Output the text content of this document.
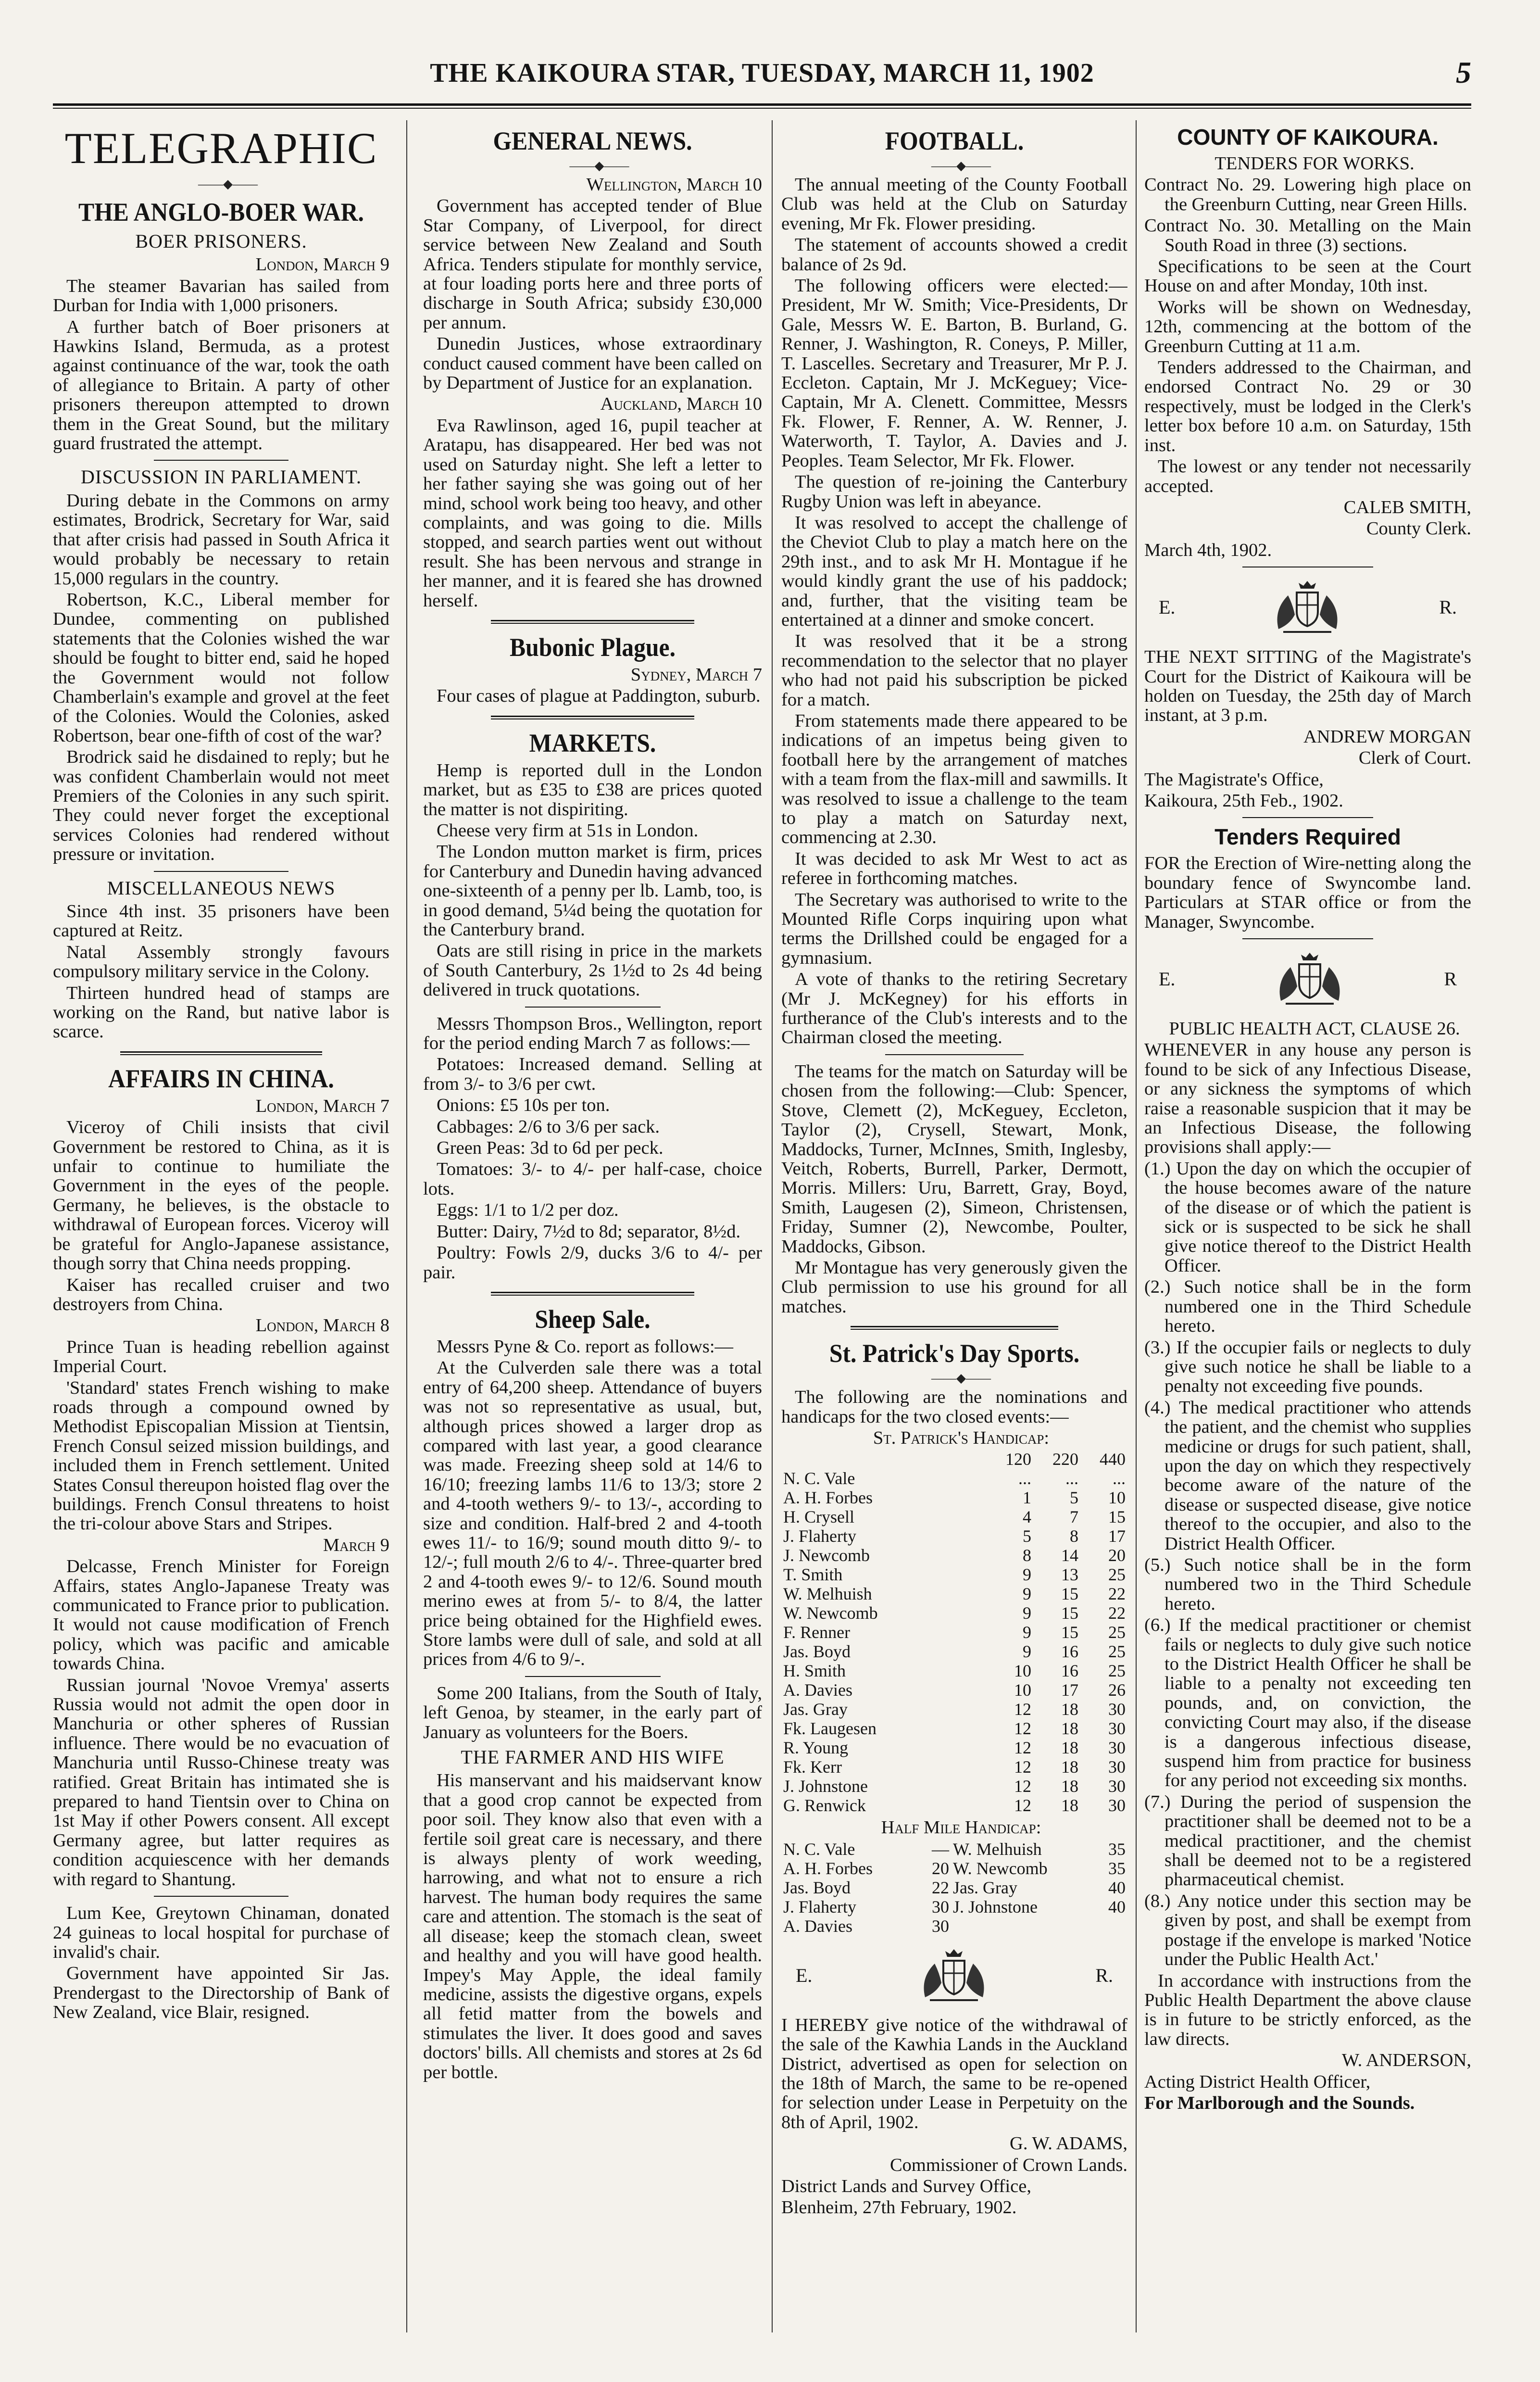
THE KAIKOURA STAR, TUESDAY, MARCH 11, 1902	5
TELEGRAPHIC

——◆——

THE ANGLO-BOER WAR.
BOER PRISONERS.

London, March 9

The steamer Bavarian has sailed from Durban for India with 1,000 prisoners.

A further batch of Boer prisoners at Hawkins Island, Bermuda, as a protest against continuance of the war, took the oath of allegiance to Britain. A party of other prisoners thereupon attempted to drown them in the Great Sound, but the military guard frustrated the attempt.

DISCUSSION IN PARLIAMENT.

During debate in the Commons on army estimates, Brodrick, Secretary for War, said that after crisis had passed in South Africa it would probably be necessary to retain 15,000 regulars in the country.

Robertson, K.C., Liberal member for Dundee, commenting on published statements that the Colonies wished the war should be fought to bitter end, said he hoped the Government would not follow Chamberlain's example and grovel at the feet of the Colonies. Would the Colonies, asked Robertson, bear one-fifth of cost of the war?

Brodrick said he disdained to reply; but he was confident Chamberlain would not meet Premiers of the Colonies in any such spirit. They could never forget the exceptional services Colonies had rendered without pressure or invitation.

MISCELLANEOUS NEWS

Since 4th inst. 35 prisoners have been captured at Reitz.

Natal Assembly strongly favours compulsory military service in the Colony.

Thirteen hundred head of stamps are working on the Rand, but native labor is scarce.

AFFAIRS IN CHINA.

London, March 7

Viceroy of Chili insists that civil Government be restored to China, as it is unfair to continue to humiliate the Government in the eyes of the people. Germany, he believes, is the obstacle to withdrawal of European forces. Viceroy will be grateful for Anglo-Japanese assistance, though sorry that China needs propping.

Kaiser has recalled cruiser and two destroyers from China.

London, March 8

Prince Tuan is heading rebellion against Imperial Court.

'Standard' states French wishing to make roads through a compound owned by Methodist Episcopalian Mission at Tientsin, French Consul seized mission buildings, and included them in French settlement. United States Consul thereupon hoisted flag over the buildings. French Consul threatens to hoist the tri-colour above Stars and Stripes.

March 9

Delcasse, French Minister for Foreign Affairs, states Anglo-Japanese Treaty was communicated to France prior to publication. It would not cause modification of French policy, which was pacific and amicable towards China.

Russian journal 'Novoe Vremya' asserts Russia would not admit the open door in Manchuria or other spheres of Russian influence. There would be no evacuation of Manchuria until Russo-Chinese treaty was ratified. Great Britain has intimated she is prepared to hand Tientsin over to China on 1st May if other Powers consent. All except Germany agree, but latter requires as condition acquiescence with her demands with regard to Shantung.

Lum Kee, Greytown Chinaman, donated 24 guineas to local hospital for purchase of invalid's chair.

Government have appointed Sir Jas. Prendergast to the Directorship of Bank of New Zealand, vice Blair, resigned.

GENERAL NEWS.

——◆——

Wellington, March 10

Government has accepted tender of Blue Star Company, of Liverpool, for direct service between New Zealand and South Africa. Tenders stipulate for monthly service, at four loading ports here and three ports of discharge in South Africa; subsidy £30,000 per annum.

Dunedin Justices, whose extraordinary conduct caused comment have been called on by Department of Justice for an explanation.

Auckland, March 10

Eva Rawlinson, aged 16, pupil teacher at Aratapu, has disappeared. Her bed was not used on Saturday night. She left a letter to her father saying she was going out of her mind, school work being too heavy, and other complaints, and was going to die. Mills stopped, and search parties went out without result. She has been nervous and strange in her manner, and it is feared she has drowned herself.

Bubonic Plague.

Sydney, March 7

Four cases of plague at Paddington, suburb.

MARKETS.

Hemp is reported dull in the London market, but as £35 to £38 are prices quoted the matter is not dispiriting.

Cheese very firm at 51s in London.

The London mutton market is firm, prices for Canterbury and Dunedin having advanced one-sixteenth of a penny per lb. Lamb, too, is in good demand, 5¼d being the quotation for the Canterbury brand.

Oats are still rising in price in the markets of South Canterbury, 2s 1½d to 2s 4d being delivered in truck quotations.

Messrs Thompson Bros., Wellington, report for the period ending March 7 as follows:—

Potatoes: Increased demand. Selling at from 3/- to 3/6 per cwt.

Onions: £5 10s per ton.

Cabbages: 2/6 to 3/6 per sack.

Green Peas: 3d to 6d per peck.

Tomatoes: 3/- to 4/- per half-case, choice lots.

Eggs: 1/1 to 1/2 per doz.

Butter: Dairy, 7½d to 8d; separator, 8½d.

Poultry: Fowls 2/9, ducks 3/6 to 4/- per pair.

Sheep Sale.

Messrs Pyne & Co. report as follows:—

At the Culverden sale there was a total entry of 64,200 sheep. Attendance of buyers was not so representative as usual, but, although prices showed a larger drop as compared with last year, a good clearance was made. Freezing sheep sold at 14/6 to 16/10; freezing lambs 11/6 to 13/3; store 2 and 4-tooth wethers 9/- to 13/-, according to size and condition. Half-bred 2 and 4-tooth ewes 11/- to 16/9; sound mouth ditto 9/- to 12/-; full mouth 2/6 to 4/-. Three-quarter bred 2 and 4-tooth ewes 9/- to 12/6. Sound mouth merino ewes at from 5/- to 8/4, the latter price being obtained for the Highfield ewes. Store lambs were dull of sale, and sold at all prices from 4/6 to 9/-.

Some 200 Italians, from the South of Italy, left Genoa, by steamer, in the early part of January as volunteers for the Boers.

THE FARMER AND HIS WIFE

His manservant and his maidservant know that a good crop cannot be expected from poor soil. They know also that even with a fertile soil great care is necessary, and there is always plenty of work weeding, harrowing, and what not to ensure a rich harvest. The human body requires the same care and attention. The stomach is the seat of all disease; keep the stomach clean, sweet and healthy and you will have good health. Impey's May Apple, the ideal family medicine, assists the digestive organs, expels all fetid matter from the bowels and stimulates the liver. It does good and saves doctors' bills. All chemists and stores at 2s 6d per bottle.

FOOTBALL.

——◆——

The annual meeting of the County Football Club was held at the Club on Saturday evening, Mr Fk. Flower presiding.

The statement of accounts showed a credit balance of 2s 9d.

The following officers were elected:—President, Mr W. Smith; Vice-Presidents, Dr Gale, Messrs W. E. Barton, B. Burland, G. Renner, J. Washington, R. Coneys, P. Miller, T. Lascelles. Secretary and Treasurer, Mr P. J. Eccleton. Captain, Mr J. McKeguey; Vice-Captain, Mr A. Clenett. Committee, Messrs Fk. Flower, F. Renner, A. W. Renner, J. Waterworth, T. Taylor, A. Davies and J. Peoples. Team Selector, Mr Fk. Flower.

The question of re-joining the Canterbury Rugby Union was left in abeyance.

It was resolved to accept the challenge of the Cheviot Club to play a match here on the 29th inst., and to ask Mr H. Montague if he would kindly grant the use of his paddock; and, further, that the visiting team be entertained at a dinner and smoke concert.

It was resolved that it be a strong recommendation to the selector that no player who had not paid his subscription be picked for a match.

From statements made there appeared to be indications of an impetus being given to football here by the arrangement of matches with a team from the flax-mill and sawmills. It was resolved to issue a challenge to the team to play a match on Saturday next, commencing at 2.30.

It was decided to ask Mr West to act as referee in forthcoming matches.

The Secretary was authorised to write to the Mounted Rifle Corps inquiring upon what terms the Drillshed could be engaged for a gymnasium.

A vote of thanks to the retiring Secretary (Mr J. McKegney) for his efforts in furtherance of the Club's interests and to the Chairman closed the meeting.

The teams for the match on Saturday will be chosen from the following:—Club: Spencer, Stove, Clemett (2), McKeguey, Eccleton, Taylor (2), Crysell, Stewart, Monk, Maddocks, Turner, McInnes, Smith, Inglesby, Veitch, Roberts, Burrell, Parker, Dermott, Morris. Millers: Uru, Barrett, Gray, Boyd, Smith, Laugesen (2), Simeon, Christensen, Friday, Sumner (2), Newcombe, Poulter, Maddocks, Gibson.

Mr Montague has very generously given the Club permission to use his ground for all matches.

St. Patrick's Day Sports.

——◆——

The following are the nominations and handicaps for the two closed events:—

St. Patrick's Handicap:

	120	220	440
N. C. Vale	...	...	...
A. H. Forbes	1	5	10
H. Crysell	4	7	15
J. Flaherty	5	8	17
J. Newcomb	8	14	20
T. Smith	9	13	25
W. Melhuish	9	15	22
W. Newcomb	9	15	22
F. Renner	9	15	25
Jas. Boyd	9	16	25
H. Smith	10	16	25
A. Davies	10	17	26
Jas. Gray	12	18	30
Fk. Laugesen	12	18	30
R. Young	12	18	30
Fk. Kerr	12	18	30
J. Johnstone	12	18	30
G. Renwick	12	18	30

Half Mile Handicap:

N. C. Vale	—	W. Melhuish	35
A. H. Forbes	20	W. Newcomb	35
Jas. Boyd	22	Jas. Gray	40
J. Flaherty	30	J. Johnstone	40
A. Davies	30		
E.	R.

I HEREBY give notice of the withdrawal of the sale of the Kawhia Lands in the Auckland District, advertised as open for selection on the 18th of March, the same to be re-opened for selection under Lease in Perpetuity on the 8th of April, 1902.

G. W. ADAMS,

Commissioner of Crown Lands.

District Lands and Survey Office,

Blenheim, 27th February, 1902.

COUNTY OF KAIKOURA.

TENDERS FOR WORKS.

Contract No. 29. Lowering high place on the Greenburn Cutting, near Green Hills.

Contract No. 30. Metalling on the Main South Road in three (3) sections.

Specifications to be seen at the Court House on and after Monday, 10th inst.

Works will be shown on Wednesday, 12th, commencing at the bottom of the Greenburn Cutting at 11 a.m.

Tenders addressed to the Chairman, and endorsed Contract No. 29 or 30 respectively, must be lodged in the Clerk's letter box before 10 a.m. on Saturday, 15th inst.

The lowest or any tender not necessarily accepted.

CALEB SMITH,

County Clerk.

March 4th, 1902.

E.	R.

THE NEXT SITTING of the Magistrate's Court for the District of Kaikoura will be holden on Tuesday, the 25th day of March instant, at 3 p.m.

ANDREW MORGAN

Clerk of Court.

The Magistrate's Office,

Kaikoura, 25th Feb., 1902.

Tenders Required

FOR the Erection of Wire-netting along the boundary fence of Swyncombe land. Particulars at STAR office or from the Manager, Swyncombe.

E.	R

PUBLIC HEALTH ACT, CLAUSE 26.

WHENEVER in any house any person is found to be sick of any Infectious Disease, or any sickness the symptoms of which raise a reasonable suspicion that it may be an Infectious Disease, the following provisions shall apply:—

(1.) Upon the day on which the occupier of the house becomes aware of the nature of the disease or of which the patient is sick or is suspected to be sick he shall give notice thereof to the District Health Officer.

(2.) Such notice shall be in the form numbered one in the Third Schedule hereto.

(3.) If the occupier fails or neglects to duly give such notice he shall be liable to a penalty not exceeding five pounds.

(4.) The medical practitioner who attends the patient, and the chemist who supplies medicine or drugs for such patient, shall, upon the day on which they respectively become aware of the nature of the disease or suspected disease, give notice thereof to the occupier, and also to the District Health Officer.

(5.) Such notice shall be in the form numbered two in the Third Schedule hereto.

(6.) If the medical practitioner or chemist fails or neglects to duly give such notice to the District Health Officer he shall be liable to a penalty not exceeding ten pounds, and, on conviction, the convicting Court may also, if the disease is a dangerous infectious disease, suspend him from practice for business for any period not exceeding six months.

(7.) During the period of suspension the practitioner shall be deemed not to be a medical practitioner, and the chemist shall be deemed not to be a registered pharmaceutical chemist.

(8.) Any notice under this section may be given by post, and shall be exempt from postage if the envelope is marked 'Notice under the Public Health Act.'

In accordance with instructions from the Public Health Department the above clause is in future to be strictly enforced, as the law directs.

W. ANDERSON,

Acting District Health Officer,

For Marlborough and the Sounds.
